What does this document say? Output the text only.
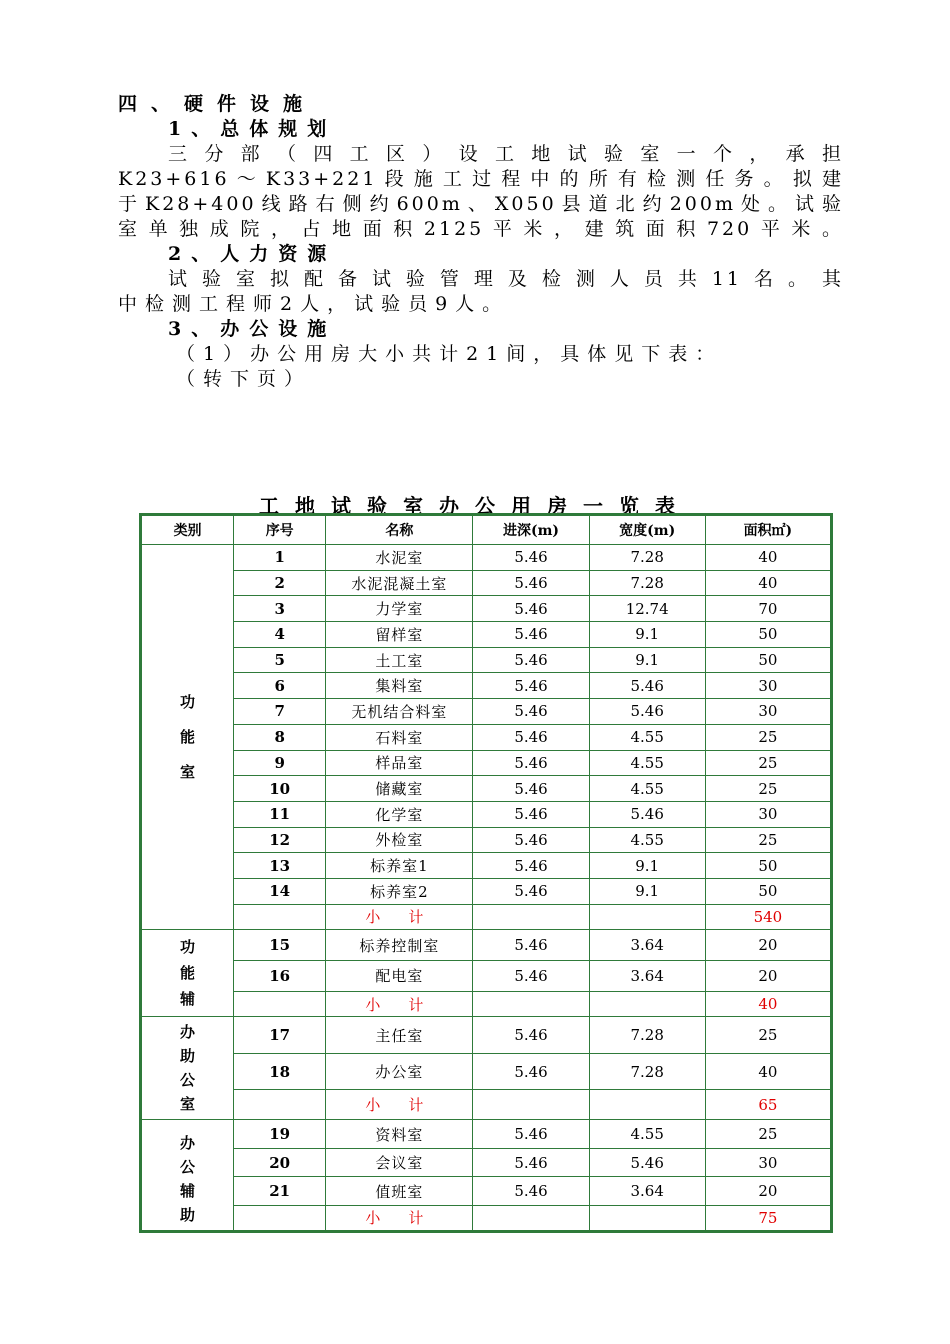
四、硬件设施
1、总体规划
三分部（四工区）设工地试验室一个，承担
K23+616～K33+221段施工过程中的所有检测任务。拟建
于K28+400线路右侧约600m、X050县道北约200m处。试验
室单独成院，占地面积2125平米，建筑面积720平米。
2、人力资源
试验室拟配备试验管理及检测人员共11名。其
中检测工程师2人，试验员9人。
3、办公设施
（1）办公用房大小共计21间，具体见下表：
（转下页）
工地试验室办公用房一览表
类别	序号	名称	进深(m)	宽度(m)	面积㎡)

功
能
室	1	水泥室	5.46	7.28	40
	2	水泥混凝土室	5.46	7.28	40
	3	力学室	5.46	12.74	70
	4	留样室	5.46	9.1	50
	5	土工室	5.46	9.1	50
	6	集料室	5.46	5.46	30
	7	无机结合料室	5.46	5.46	30
	8	石料室	5.46	4.55	25
	9	样品室	5.46	4.55	25
	10	储藏室	5.46	4.55	25
	11	化学室	5.46	5.46	30
	12	外检室	5.46	4.55	25
	13	标养室1	5.46	9.1	50
	14	标养室2	5.46	9.1	50
		小计			540

功
能
辅	15	标养控制室	5.46	3.64	20
	16	配电室	5.46	3.64	20
		小计			40

办
助
公
室	17	主任室	5.46	7.28	25
	18	办公室	5.46	7.28	40
		小计			65

办
公
辅
助	19	资料室	5.46	4.55	25
	20	会议室	5.46	5.46	30
	21	值班室	5.46	3.64	20
		小计			75
